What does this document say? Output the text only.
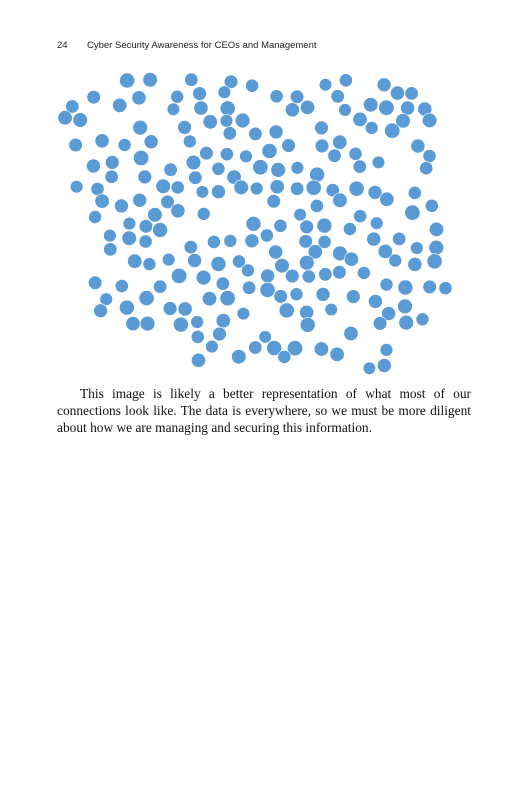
24 Cyber Security Awareness for CEOs and Management

This image is likely a better representation of what most of our connections look like. The data is everywhere, so we must be more diligent about how we are managing and securing this information.
